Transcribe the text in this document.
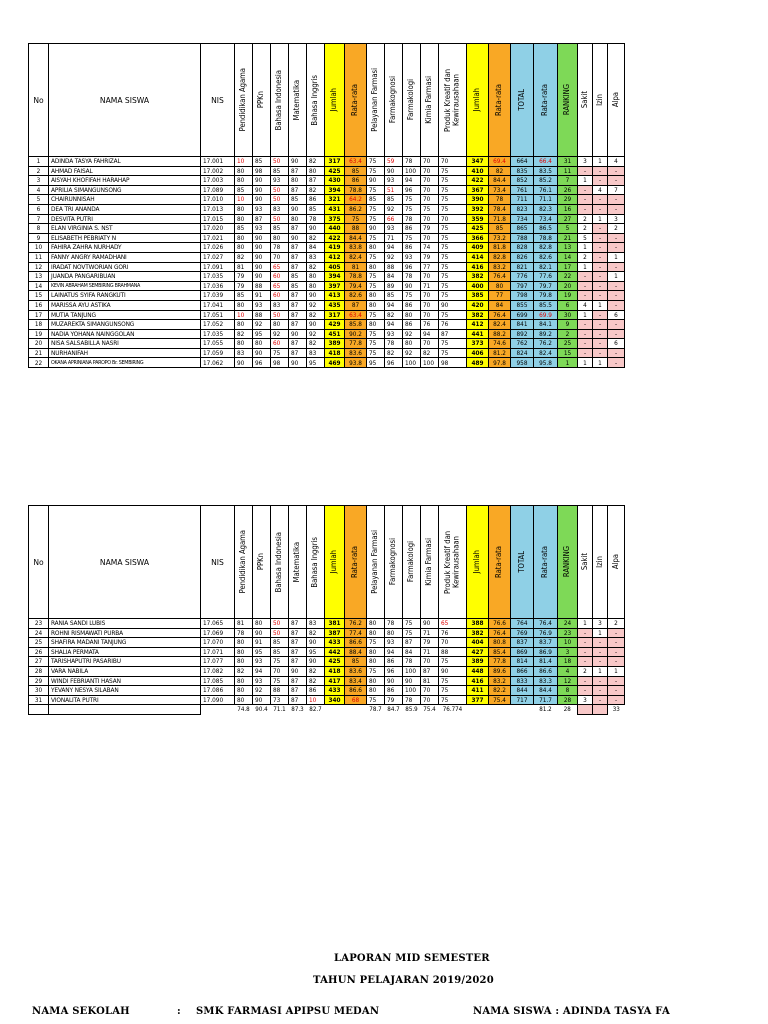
No	NAMA SISWA	NIS	Pendidikan Agama	PPKn	Bahasa Indonesia	Matematika	Bahasa Inggris	Jumlah	Rata-rata	Pelayanan Farmasi	Farmakognosi	Farmakologi	Kimia Farmasi	Produk Kreatif dan Kewirausahaan	Jumlah	Rata-rata	TOTAL	Rata-rata	RANKING	Sakit	Izin	Alpa

1	ADINDA TASYA FAHRIZAL	17.001	10	85	50	90	82	317	63.4	75	59	78	70	70	347	69.4	664	66.4	31	3	1	4
2	AHMAD FAISAL	17.002	80	98	85	87	80	425	85	75	90	100	70	75	410	82	835	83.5	11	-	-	-
3	AISYAH KHOFIFAH HARAHAP	17.003	80	90	93	80	87	430	86	90	93	94	70	75	422	84.4	852	85.2	7	1	-	-
4	APRILIA SIMANGUNSONG	17.089	85	90	50	87	82	394	78.8	75	51	96	70	75	367	73.4	761	76.1	26	-	4	7
5	CHAIRUNNISAH	17.010	10	90	50	85	86	321	64.2	85	85	75	70	75	390	78	711	71.1	29	-	-	-
6	DEA TRI ANANDA	17.013	80	93	83	90	85	431	86.2	75	92	75	75	75	392	78.4	823	82.3	16	-	-	-
7	DESVITA PUTRI	17.015	80	87	50	80	78	375	75	75	66	78	70	70	359	71.8	734	73.4	27	2	1	3
8	ELAN VIRGINIA S. NST	17.020	85	93	85	87	90	440	88	90	93	86	79	75	425	85	865	86.5	5	2	-	2
9	ELISABETH PEBRIATY N	17.021	80	90	80	90	82	422	84.4	75	71	75	70	75	366	73.2	788	78.8	21	5	-	-
10	FAHIRA ZAHRA NURHADY	17.026	80	90	78	87	84	419	83.8	80	94	86	74	75	409	81.8	828	82.8	13	1	-	-
11	FANNY ANGRY RAMADHANI	17.027	82	90	70	87	83	412	82.4	75	92	93	79	75	414	82.8	826	82.6	14	2	-	1
12	IRADAT NOVTWORIAN GORI	17.091	81	90	65	87	82	405	81	80	88	96	77	75	416	83.2	821	82.1	17	1	-	-
13	JUANDA PANGARIBUAN	17.035	79	90	60	85	80	394	78.8	75	84	78	70	75	382	76.4	776	77.6	22	-	-	1
14	KEVIN ABRAHAM SEMBIRING BRAHMANA	17.036	79	88	65	85	80	397	79.4	75	89	90	71	75	400	80	797	79.7	20	-	-	-
15	LAINATUS SYIFA RANGKUTI	17.039	85	91	60	87	90	413	82.6	80	85	75	70	75	385	77	798	79.8	19	-	-	-
16	MARISSA AYU ASTIKA	17.041	80	93	83	87	92	435	87	80	94	86	70	90	420	84	855	85.5	6	4	1	-
17	MUTIA TANJUNG	17.051	10	88	50	87	82	317	63.4	75	82	80	70	75	382	76.4	699	69.9	30	1	-	6
18	MUZAREKTA SIMANGUNSONG	17.052	80	92	80	87	90	429	85.8	80	94	86	76	76	412	82.4	841	84.1	9	-	-	-
19	NADIA YOHANA NAINGGOLAN	17.035	82	95	92	90	92	451	90.2	75	93	92	94	87	441	88.2	892	89.2	2	-	-	-
20	NISA SALSABILLA NASRI	17.055	80	80	60	87	82	389	77.8	75	78	80	70	75	373	74.6	762	76.2	25	-	-	6
21	NURHANIFAH	17.059	83	90	75	87	83	418	83.6	75	82	92	82	75	406	81.2	824	82.4	15	-	-	-
22	OKANA APRINIANA PAROPO Br. SEMBIRING	17.062	90	96	98	90	95	469	93.8	95	96	100	100	98	489	97.8	958	95.8	1	1	1	-
No	NAMA SISWA	NIS	Pendidikan Agama	PPKn	Bahasa Indonesia	Matematika	Bahasa Inggris	Jumlah	Rata-rata	Pelayanan Farmasi	Farmakognosi	Farmakologi	Kimia Farmasi	Produk Kreatif dan Kewirausahaan	Jumlah	Rata-rata	TOTAL	Rata-rata	RANKING	Sakit	Izin	Alpa

23	RANIA SANDI LUBIS	17.065	81	80	50	87	83	381	76.2	80	78	75	90	65	388	76.6	764	76.4	24	1	3	2
24	ROHNI RISMAWATI PURBA	17.069	78	90	50	87	82	387	77.4	80	80	75	71	76	382	76.4	769	76.9	23	-	1	-
25	SHAFIRA MADANI TANJUNG	17.070	80	91	85	87	90	433	86.6	75	93	87	79	70	404	80.8	837	83.7	10	-	-	-
26	SHALIA PERMATA	17.071	80	95	85	87	95	442	88.4	80	94	84	71	88	427	85.4	869	86.9	3	-	-	-
27	TARISHAPUTRI PASARIBU	17.077	80	93	75	87	90	425	85	80	86	78	70	75	389	77.8	814	81.4	18	-	-	-
28	VARA NABILA	17.082	82	94	70	90	82	418	83.6	75	96	100	87	90	448	89.6	866	86.6	4	2	1	1
29	WINDI FEBRIANTI HASAN	17.085	80	93	75	87	82	417	83.4	80	90	90	81	75	416	83.2	833	83.3	12	-	-	-
30	YEVANY NESYA SILABAN	17.086	80	92	88	87	86	433	86.6	80	86	100	70	75	411	82.2	844	84.4	8	-	-	-
31	VIONALITA PUTRI	17.090	80	90	73	87	10	340	68	75	79	78	70	75	377	75.4	717	71.7	28	3	-	-
			74.8	90.4	71.1	87.3	82.7			78.7	84.7	85.9	75.4	76.774				81.2	28			33
LAPORAN MID SEMESTER
TAHUN PELAJARAN 2019/2020
NAMA SEKOLAH	: SMK FARMASI APIPSU MEDAN	NAMA SISWA : ADINDA TASYA FA
